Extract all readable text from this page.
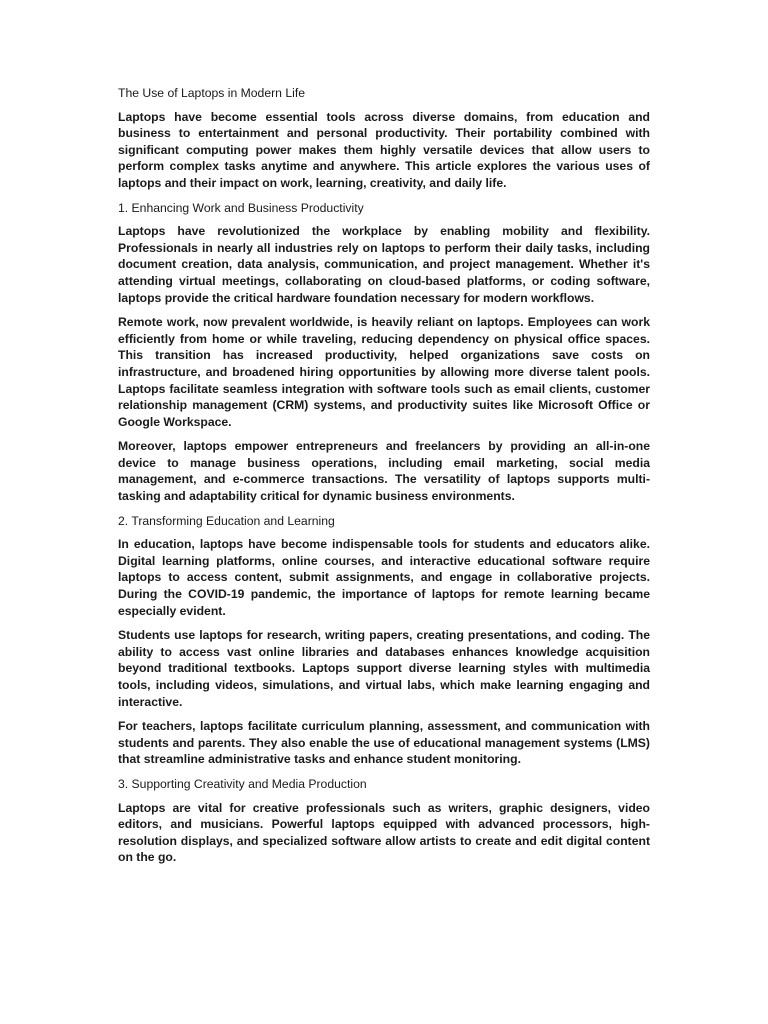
The Use of Laptops in Modern Life

Laptops have become essential tools across diverse domains, from education and business to entertainment and personal productivity. Their portability combined with significant computing power makes them highly versatile devices that allow users to perform complex tasks anytime and anywhere. This article explores the various uses of laptops and their impact on work, learning, creativity, and daily life.

1. Enhancing Work and Business Productivity

Laptops have revolutionized the workplace by enabling mobility and flexibility. Professionals in nearly all industries rely on laptops to perform their daily tasks, including document creation, data analysis, communication, and project management. Whether it's attending virtual meetings, collaborating on cloud-based platforms, or coding software, laptops provide the critical hardware foundation necessary for modern workflows.

Remote work, now prevalent worldwide, is heavily reliant on laptops. Employees can work efficiently from home or while traveling, reducing dependency on physical office spaces. This transition has increased productivity, helped organizations save costs on infrastructure, and broadened hiring opportunities by allowing more diverse talent pools. Laptops facilitate seamless integration with software tools such as email clients, customer relationship management (CRM) systems, and productivity suites like Microsoft Office or Google Workspace.

Moreover, laptops empower entrepreneurs and freelancers by providing an all-in-one device to manage business operations, including email marketing, social media management, and e-commerce transactions. The versatility of laptops supports multi-tasking and adaptability critical for dynamic business environments.

2. Transforming Education and Learning

In education, laptops have become indispensable tools for students and educators alike. Digital learning platforms, online courses, and interactive educational software require laptops to access content, submit assignments, and engage in collaborative projects. During the COVID-19 pandemic, the importance of laptops for remote learning became especially evident.

Students use laptops for research, writing papers, creating presentations, and coding. The ability to access vast online libraries and databases enhances knowledge acquisition beyond traditional textbooks. Laptops support diverse learning styles with multimedia tools, including videos, simulations, and virtual labs, which make learning engaging and interactive.

For teachers, laptops facilitate curriculum planning, assessment, and communication with students and parents. They also enable the use of educational management systems (LMS) that streamline administrative tasks and enhance student monitoring.

3. Supporting Creativity and Media Production

Laptops are vital for creative professionals such as writers, graphic designers, video editors, and musicians. Powerful laptops equipped with advanced processors, high-resolution displays, and specialized software allow artists to create and edit digital content on the go.
